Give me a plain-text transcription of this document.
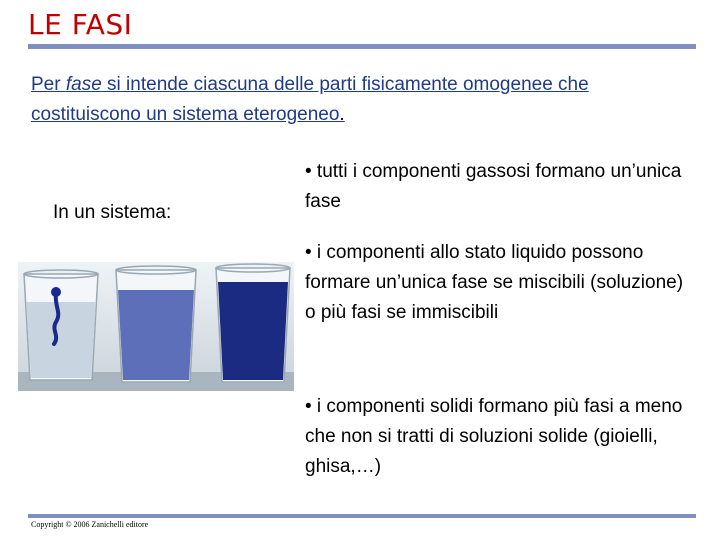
LE FASI
Per fase si intende ciascuna delle parti fisicamente omogenee che costituiscono un sistema eterogeneo.
In un sistema:
• tutti i componenti gassosi formano un’unica fase
• i componenti allo stato liquido possono formare un’unica fase se miscibili (soluzione) o più fasi se immiscibili
• i componenti solidi formano più fasi a meno che non si tratti di soluzioni solide (gioielli, ghisa,…)
Copyright © 2006 Zanichelli editore
